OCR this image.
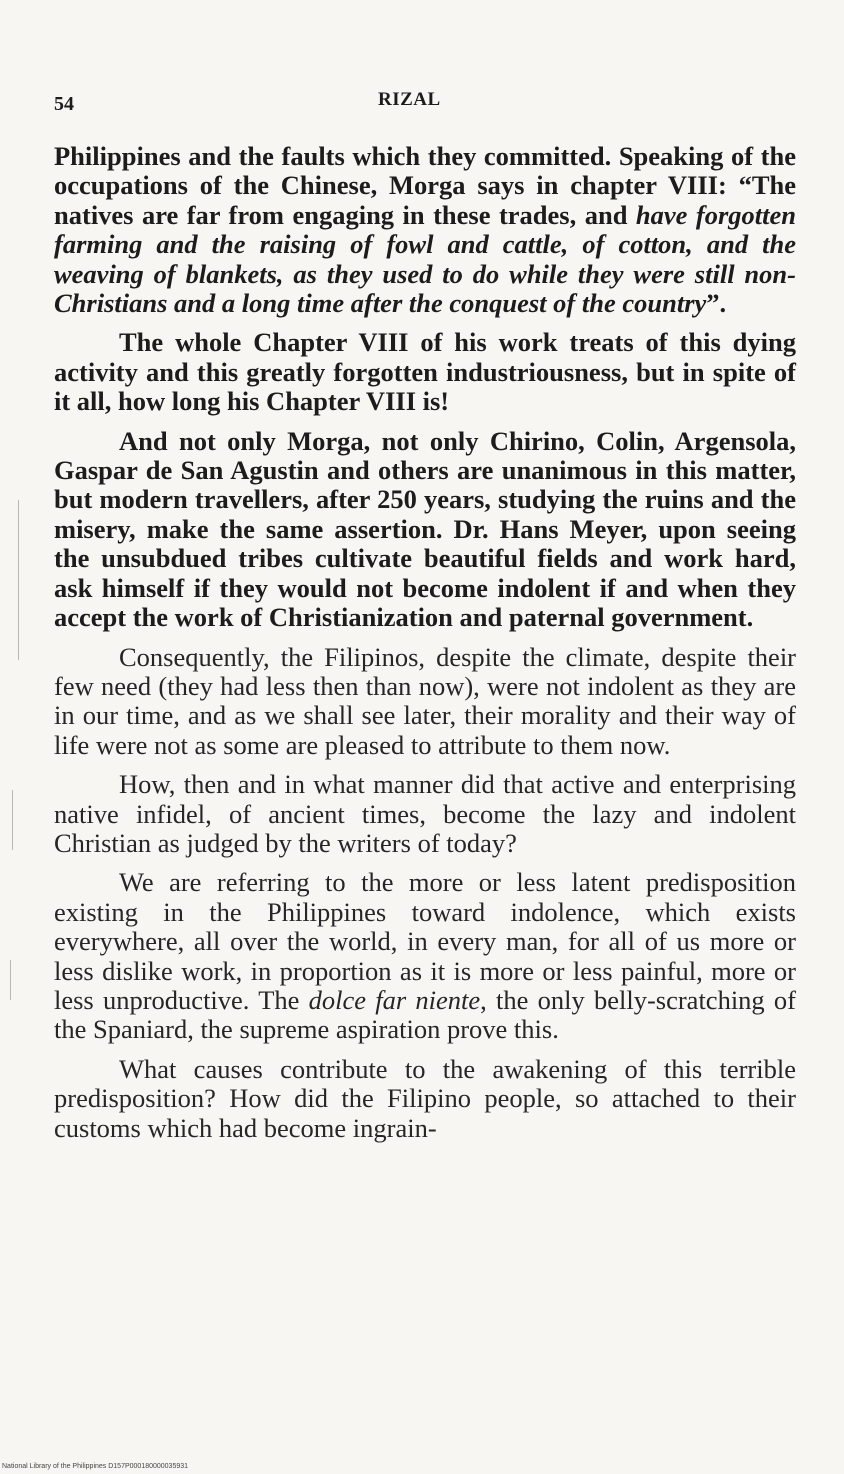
54	RIZAL

Philippines and the faults which they committed. Speaking of the occupations of the Chinese, Morga says in chapter VIII: “The natives are far from engaging in these trades, and have forgotten farming and the raising of fowl and cattle, of cotton, and the weaving of blankets, as they used to do while they were still non-Christians and a long time after the conquest of the country”.

The whole Chapter VIII of his work treats of this dying activity and this greatly forgotten industriousness, but in spite of it all, how long his Chapter VIII is!

And not only Morga, not only Chirino, Colin, Argensola, Gaspar de San Agustin and others are unanimous in this matter, but modern travellers, after 250 years, studying the ruins and the misery, make the same assertion. Dr. Hans Meyer, upon seeing the unsubdued tribes cultivate beautiful fields and work hard, ask himself if they would not become indolent if and when they accept the work of Christianization and paternal government.

Consequently, the Filipinos, despite the climate, despite their few need (they had less then than now), were not indolent as they are in our time, and as we shall see later, their morality and their way of life were not as some are pleased to attribute to them now.

How, then and in what manner did that active and enterprising native infidel, of ancient times, become the lazy and indolent Christian as judged by the writers of today?

We are referring to the more or less latent predisposition existing in the Philippines toward indolence, which exists everywhere, all over the world, in every man, for all of us more or less dislike work, in proportion as it is more or less painful, more or less unproductive. The dolce far niente, the only belly-scratching of the Spaniard, the supreme aspiration prove this.

What causes contribute to the awakening of this terrible predisposition? How did the Filipino people, so attached to their customs which had become ingrain-

National Library of the Philippines D157P000180000035931
